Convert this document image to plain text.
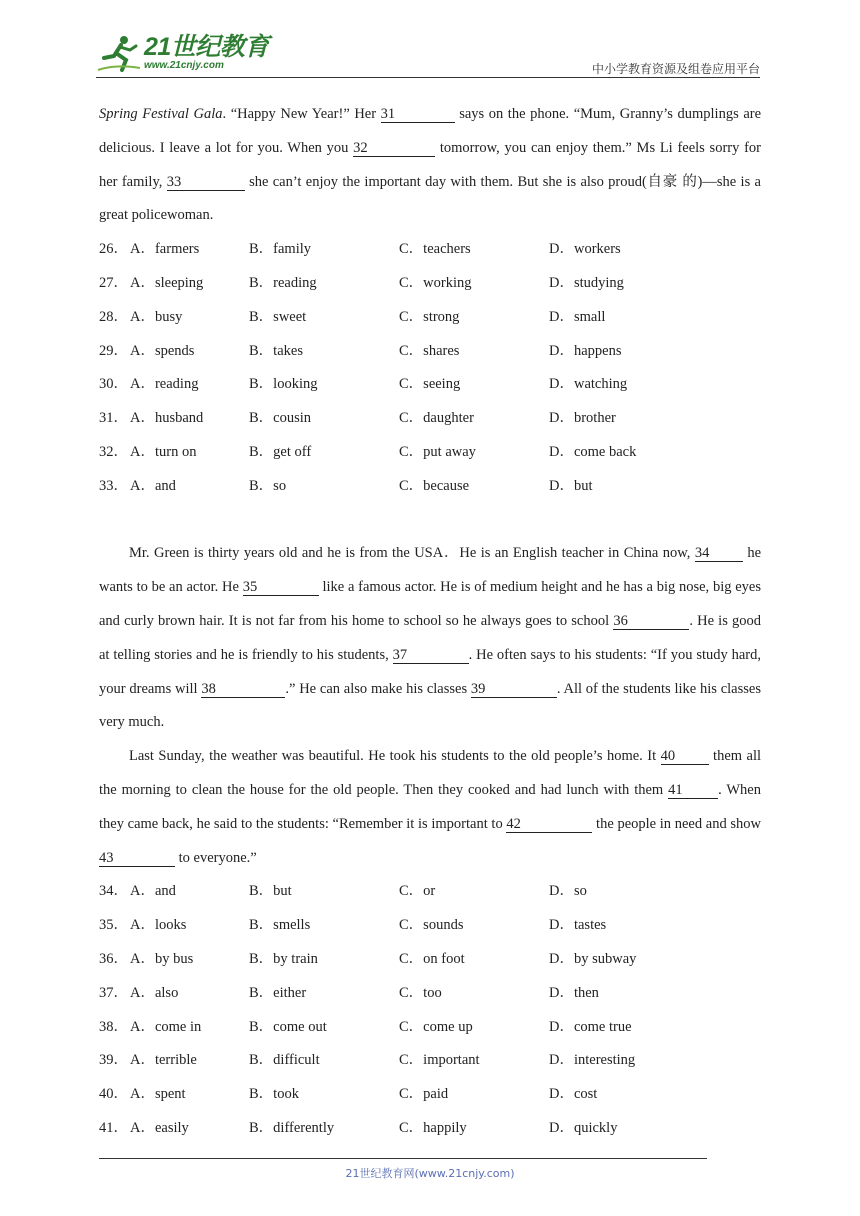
21世纪教育
www.21cnjy.com	中小学教育资源及组卷应用平台

Spring Festival Gala. “Happy New Year!” Her 31	says on the phone. “Mum, Granny’s dumplings are delicious. I leave a lot for you. When you 32	tomorrow, you can enjoy them.” Ms Li feels sorry for her family, 33	she can’t enjoy the important day with them. But she is also proud(自豪 的)—she is a great policewoman.

26． A．farmers	B．family	C．teachers	D．workers
27． A．sleeping	B．reading	C．working	D．studying
28． A．busy	B．sweet	C．strong	D．small
29． A．spends	B．takes	C．shares	D．happens
30． A．reading	B．looking	C．seeing	D．watching
31． A．husband	B．cousin	C．daughter	D．brother
32． A．turn on	B．get off	C．put away	D．come back
33． A．and	B．so	C．because	D．but

Mr. Green is thirty years old and he is from the USA．He is an English teacher in China now, 34	he wants to be an actor. He 35	like a famous actor. He is of medium height and he has a big nose, big eyes and curly brown hair. It is not far from his home to school so he always goes to school 36	. He is good at telling stories and he is friendly to his students, 37	. He often says to his students: “If you study hard, your dreams will 38	.” He can also make his classes 39	. All of the students like his classes very much.

Last Sunday, the weather was beautiful. He took his students to the old people’s home. It 40	them all the morning to clean the house for the old people. Then they cooked and had lunch with them 41 . When they came back, he said to the students: “Remember it is important to 42	the people in need and show 43	to everyone.”

34． A．and	B．but	C．or	D．so
35． A．looks	B．smells	C．sounds	D．tastes
36． A．by bus	B．by train	C．on foot	D．by subway
37． A．also	B．either	C．too	D．then
38． A．come in	B．come out	C．come up	D．come true
39． A．terrible	B．difficult	C．important	D．interesting
40． A．spent	B．took	C．paid	D．cost
41． A．easily	B．differently	C．happily	D．quickly
21世纪教育网(www.21cnjy.com)
